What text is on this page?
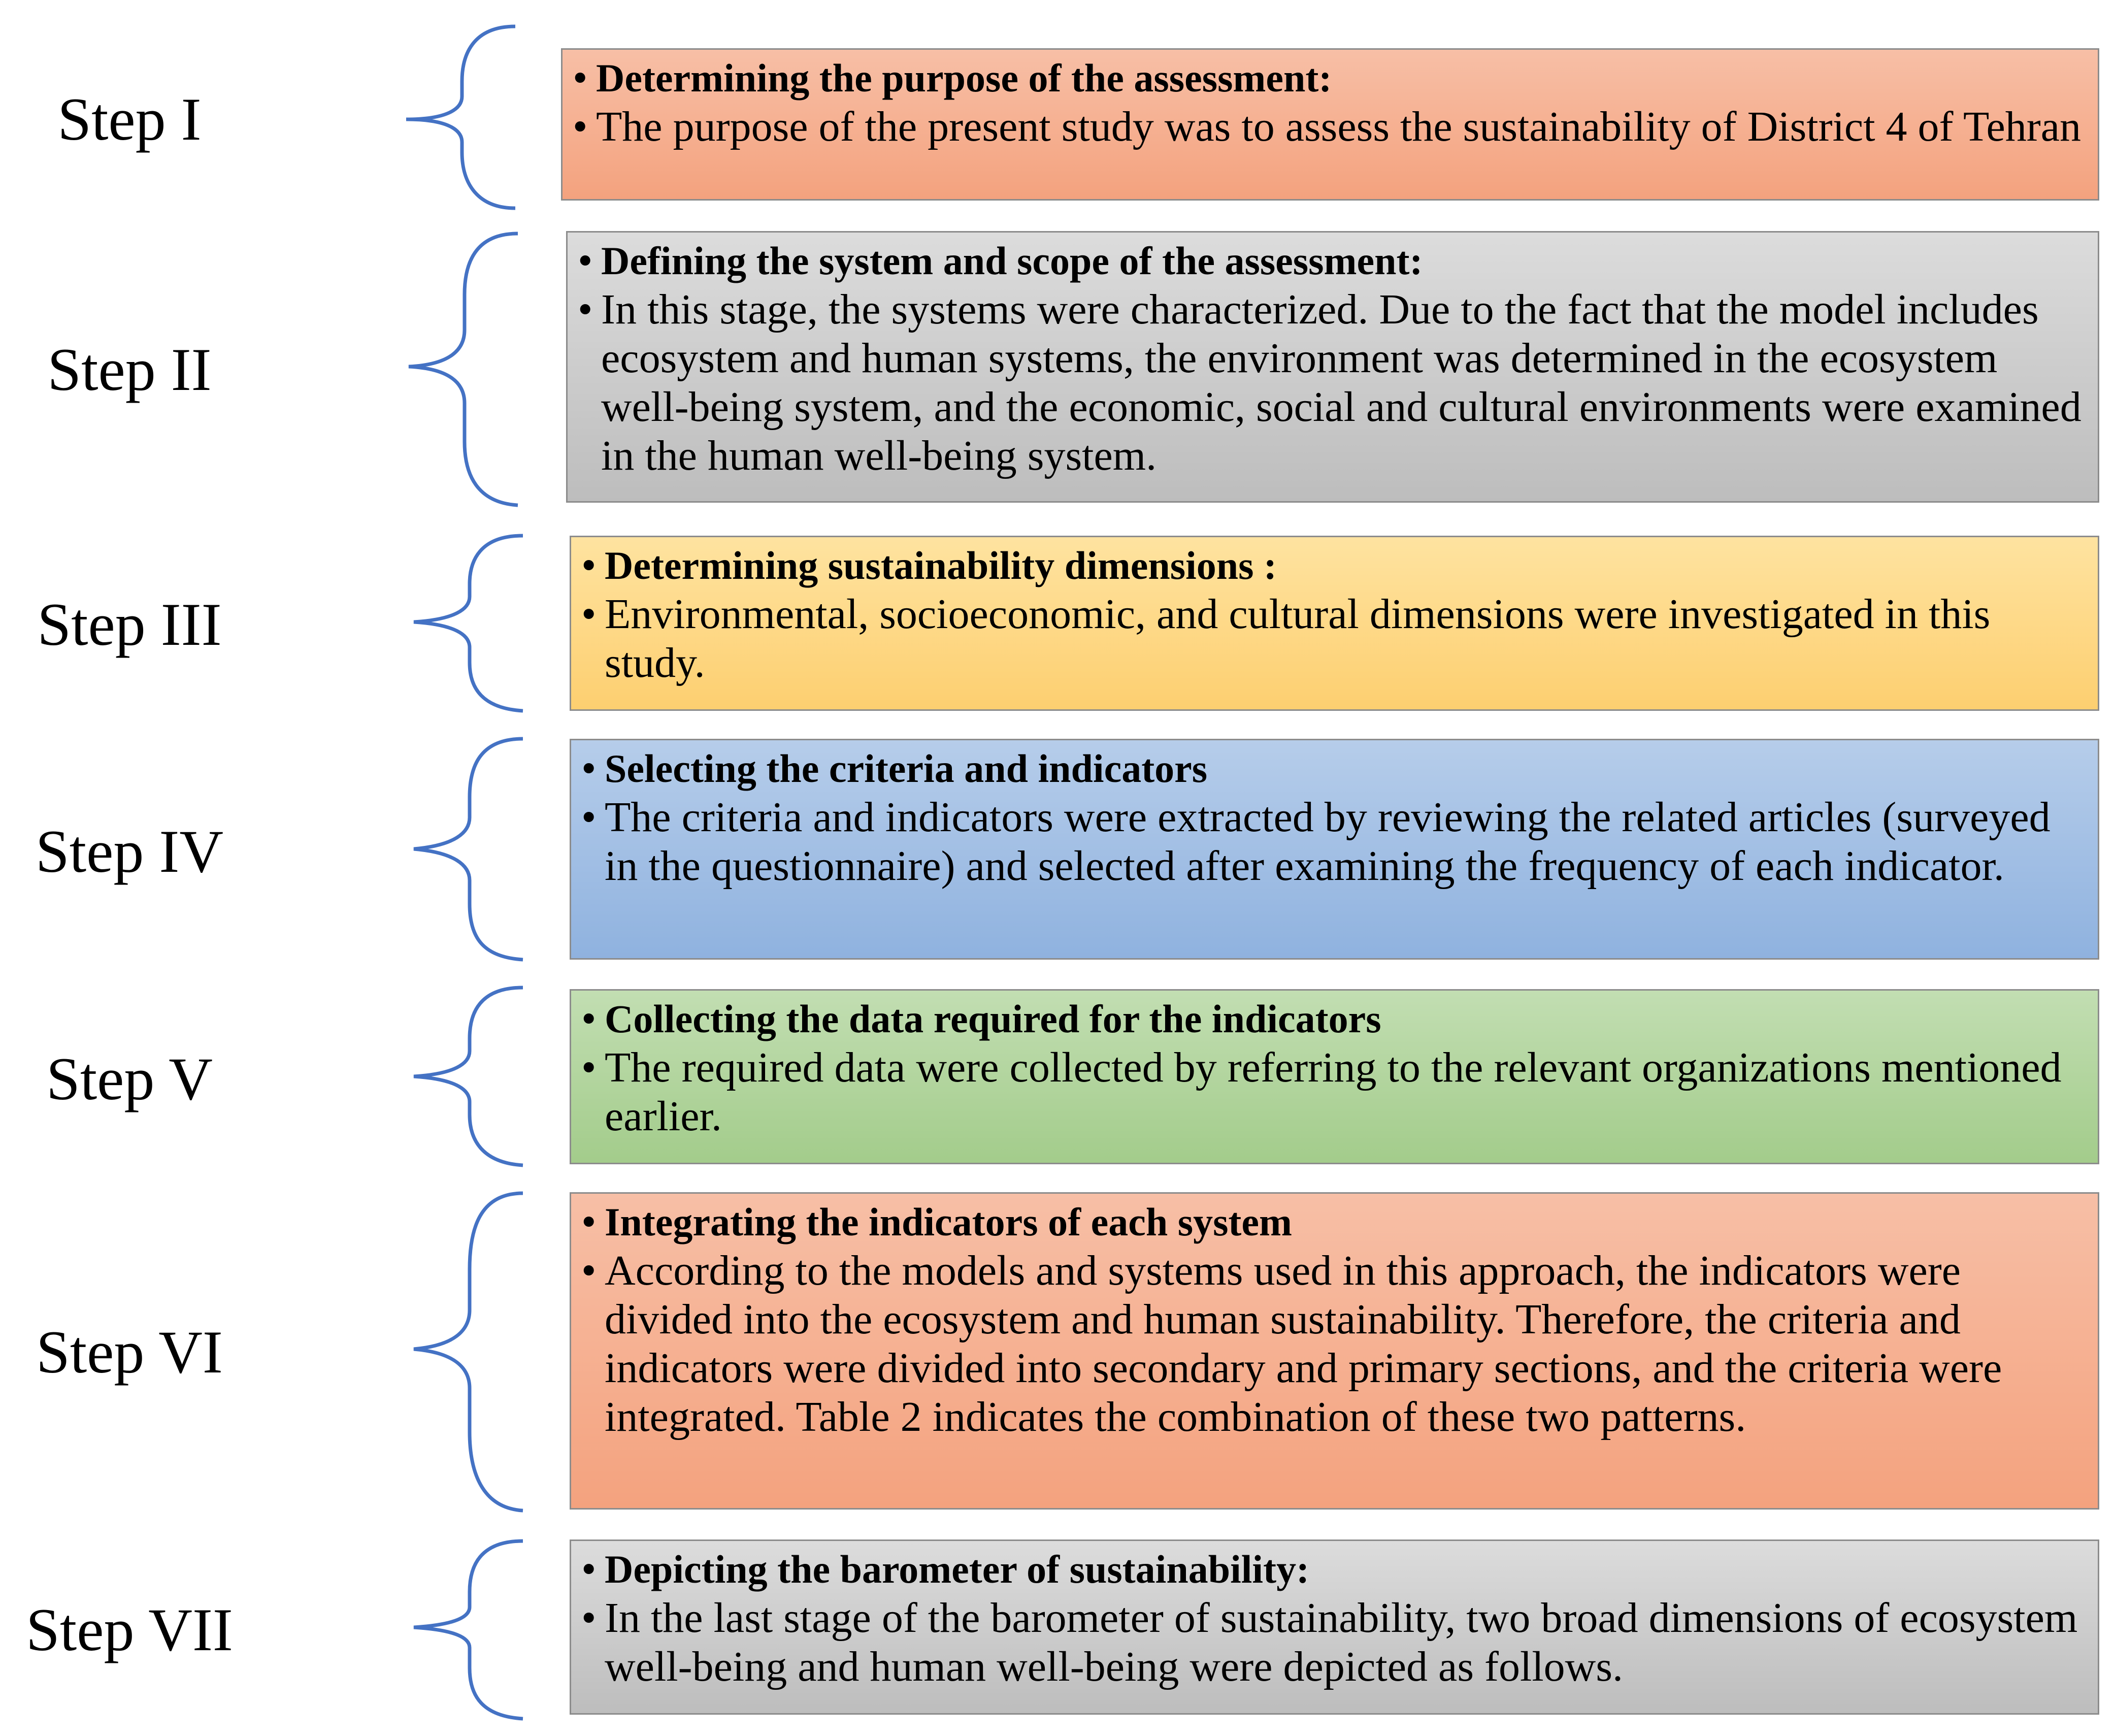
Step I
Step II
Step III
Step IV
Step V
Step VI
Step VII
• Determining the purpose of the assessment:
• The purpose of the present study was to assess the sustainability of District 4 of Tehran
• Defining the system and scope of the assessment:
• In this stage, the systems were characterized. Due to the fact that the model includes ecosystem and human systems, the environment was determined in the ecosystem well-being system, and the economic, social and cultural environments were examined in the human well-being system.
• Determining sustainability dimensions :
• Environmental, socioeconomic, and cultural dimensions were investigated in this study.
• Selecting the criteria and indicators
• The criteria and indicators were extracted by reviewing the related articles (surveyed in the questionnaire) and selected after examining the frequency of each indicator.
• Collecting the data required for the indicators
• The required data were collected by referring to the relevant organizations mentioned earlier.
• Integrating the indicators of each system
• According to the models and systems used in this approach, the indicators were divided into the ecosystem and human sustainability. Therefore, the criteria and indicators were divided into secondary and primary sections, and the criteria were integrated. Table 2 indicates the combination of these two patterns.
• Depicting the barometer of sustainability:
• In the last stage of the barometer of sustainability, two broad dimensions of ecosystem well-being and human well-being were depicted as follows.
